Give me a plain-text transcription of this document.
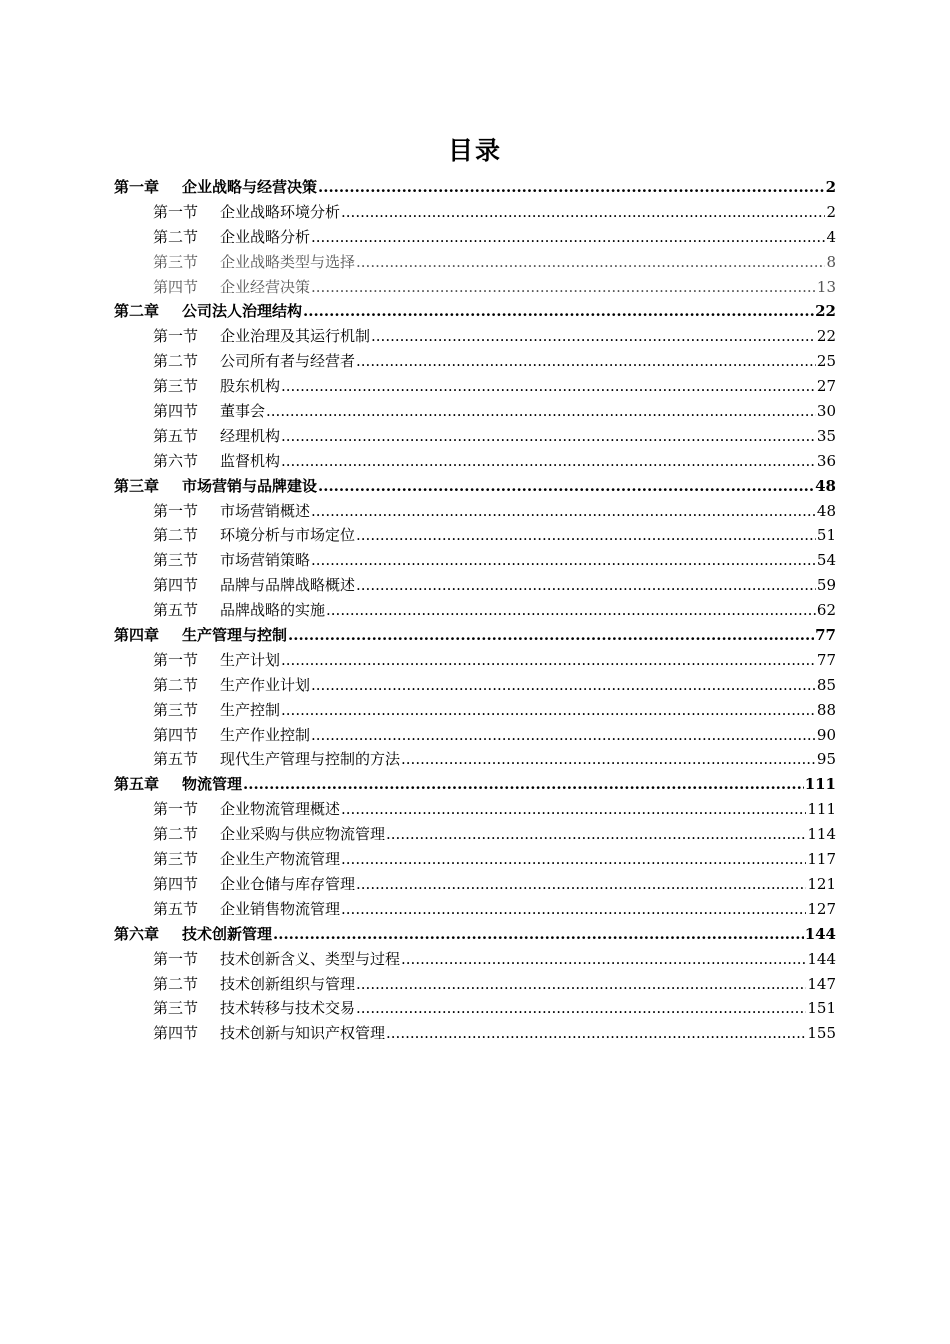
目录
第一章 企业战略与经营决策 .....	2
第一节 企业战略环境分析 .....	2
第二节 企业战略分析 .....	4
第三节 企业战略类型与选择 .....	8
第四节 企业经营决策 .....	13
第二章 公司法人治理结构 .....	22
第一节 企业治理及其运行机制 .....	22
第二节 公司所有者与经营者 .....	25
第三节 股东机构 .....	27
第四节 董事会 .....	30
第五节 经理机构 .....	35
第六节 监督机构 .....	36
第三章 市场营销与品牌建设 .....	48
第一节 市场营销概述 .....	48
第二节 环境分析与市场定位 .....	51
第三节 市场营销策略 .....	54
第四节 品牌与品牌战略概述 .....	59
第五节 品牌战略的实施 .....	62
第四章 生产管理与控制 .....	77
第一节 生产计划 .....	77
第二节 生产作业计划 .....	85
第三节 生产控制 .....	88
第四节 生产作业控制 .....	90
第五节 现代生产管理与控制的方法 .....	95
第五章 物流管理 .....	111
第一节 企业物流管理概述 .....	111
第二节 企业采购与供应物流管理 .....	114
第三节 企业生产物流管理 .....	117
第四节 企业仓储与库存管理 .....	121
第五节 企业销售物流管理 .....	127
第六章 技术创新管理 .....	144
第一节 技术创新含义、类型与过程 .....	144
第二节 技术创新组织与管理 .....	147
第三节 技术转移与技术交易 .....	151
第四节 技术创新与知识产权管理 .....	155
